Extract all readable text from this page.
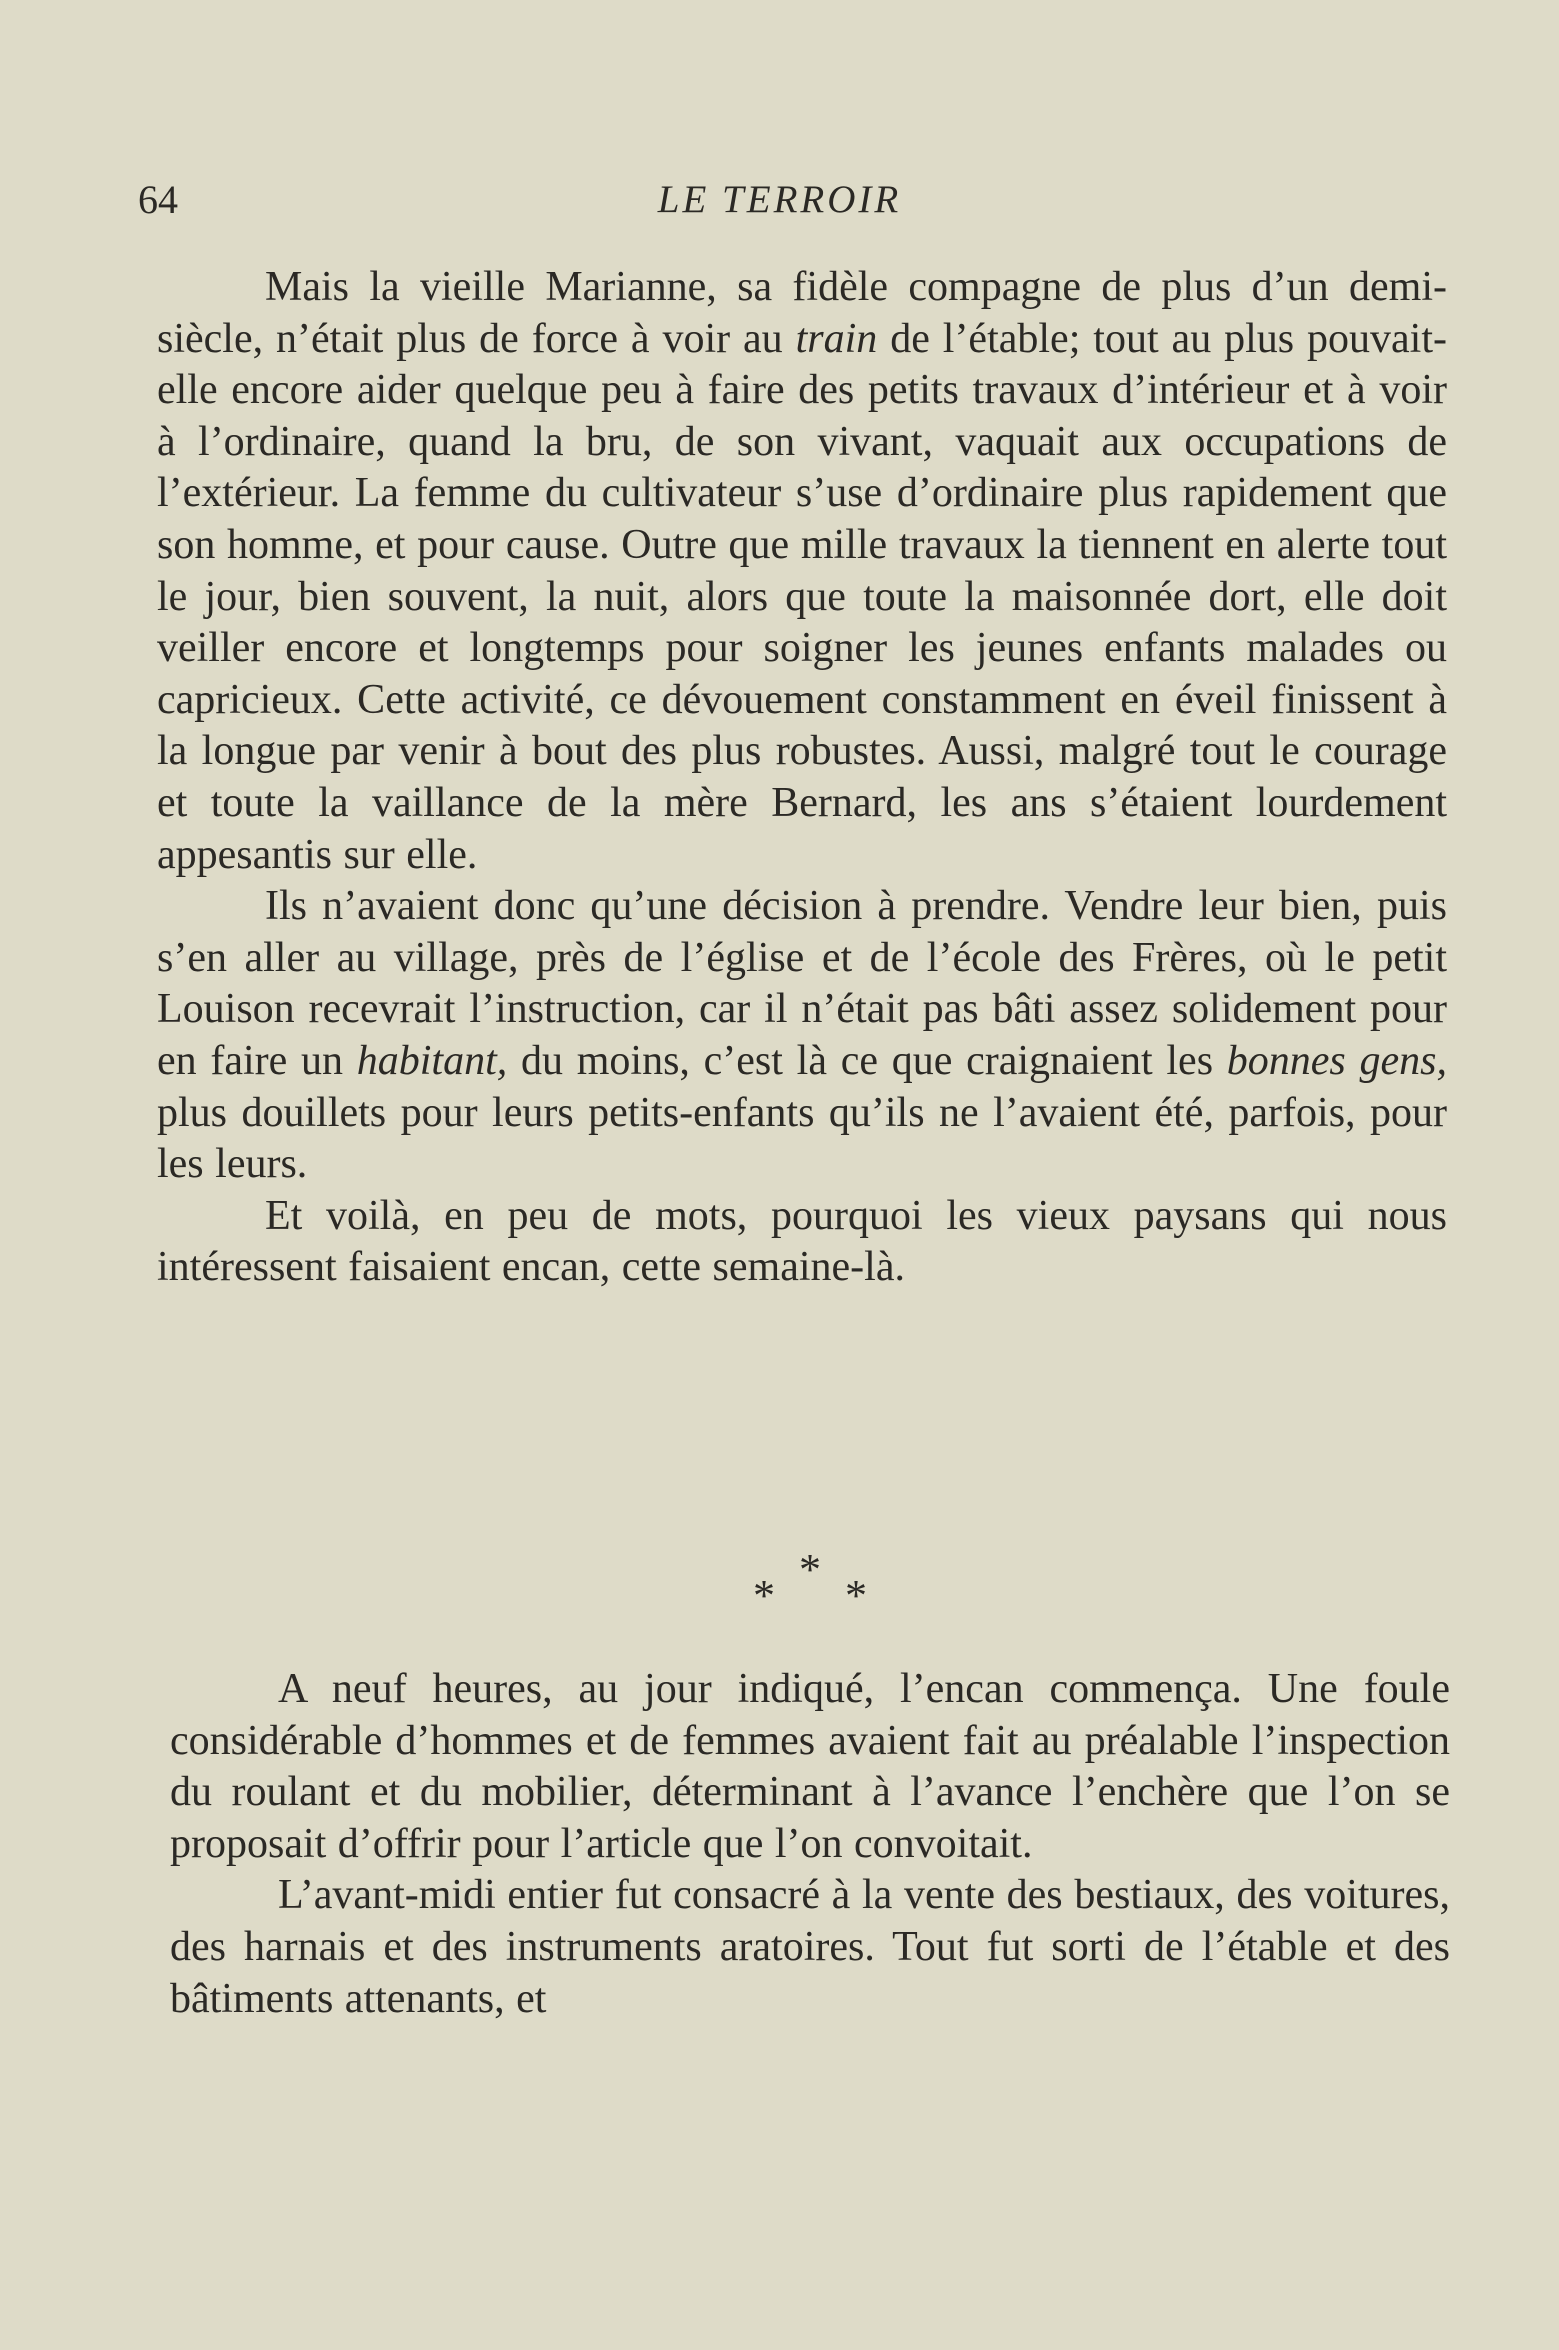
64	LE TERROIR

Mais la vieille Marianne, sa fidèle compagne de plus d’un demi-siècle, n’était plus de force à voir au train de l’étable; tout au plus pouvait-elle encore aider quelque peu à faire des petits travaux d’intérieur et à voir à l’ordinaire, quand la bru, de son vivant, vaquait aux occupations de l’extérieur. La femme du cultivateur s’use d’ordinaire plus rapidement que son homme, et pour cause. Outre que mille travaux la tiennent en alerte tout le jour, bien souvent, la nuit, alors que toute la maisonnée dort, elle doit veiller encore et longtemps pour soigner les jeunes enfants malades ou capricieux. Cette activité, ce dévouement constamment en éveil finissent à la longue par venir à bout des plus robustes. Aussi, malgré tout le courage et toute la vaillance de la mère Bernard, les ans s’étaient lourdement appesantis sur elle.

Ils n’avaient donc qu’une décision à prendre. Vendre leur bien, puis s’en aller au village, près de l’église et de l’école des Frères, où le petit Louison recevrait l’instruction, car il n’était pas bâti assez solidement pour en faire un habitant, du moins, c’est là ce que craignaient les bonnes gens, plus douillets pour leurs petits-enfants qu’ils ne l’avaient été, parfois, pour les leurs.

Et voilà, en peu de mots, pourquoi les vieux paysans qui nous intéressent faisaient encan, cette semaine-là.

*
* *

A neuf heures, au jour indiqué, l’encan commença. Une foule considérable d’hommes et de femmes avaient fait au préalable l’inspection du roulant et du mobilier, déterminant à l’avance l’enchère que l’on se proposait d’offrir pour l’article que l’on convoitait.

L’avant-midi entier fut consacré à la vente des bestiaux, des voitures, des harnais et des instruments aratoires. Tout fut sorti de l’étable et des bâtiments attenants, et
